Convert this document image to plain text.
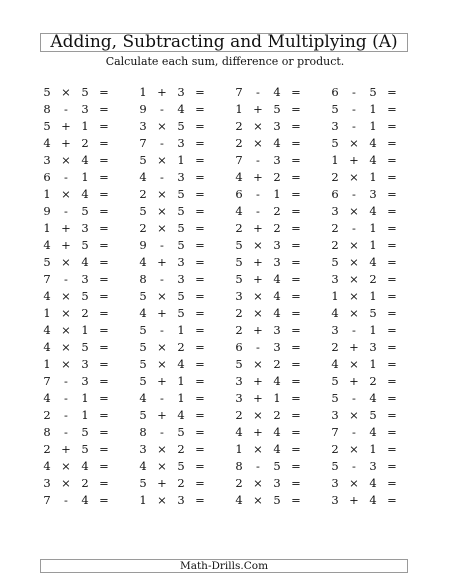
Adding, Subtracting and Multiplying (A)
Calculate each sum, difference or product.
5 × 5 =	1 + 3 =	7	-	4 =	6	-	5 =
8	-	3 =	9	-	4 =	1 + 5 =	5	-	1 =
5 + 1 =	3 × 5 =	2 × 3 =	3	-	1 =
4 + 2 =	7	-	3 =	2 × 4 =	5 × 4 =
3 × 4 =	5 × 1 =	7	-	3 =	1 + 4 =
6	-	1 =	4	-	3 =	4 + 2 =	2 × 1 =
1 × 4 =	2 × 5 =	6	-	1 =	6	-	3 =
9	-	5 =	5 × 5 =	4	-	2 =	3 × 4 =
1 + 3 =	2 × 5 =	2 + 2 =	2	-	1 =
4 + 5 =	9	-	5 =	5 × 3 =	2 × 1 =
5 × 4 =	4 + 3 =	5 + 3 =	5 × 4 =
7	-	3 =	8	-	3 =	5 + 4 =	3 × 2 =
4 × 5 =	5 × 5 =	3 × 4 =	1 × 1 =
1 × 2 =	4 + 5 =	2 × 4 =	4 × 5 =
4 × 1 =	5	-	1 =	2 + 3 =	3	-	1 =
4 × 5 =	5 × 2 =	6	-	3 =	2 + 3 =
1 × 3 =	5 × 4 =	5 × 2 =	4 × 1 =
7	-	3 =	5 + 1 =	3 + 4 =	5 + 2 =
4	-	1 =	4	-	1 =	3 + 1 =	5	-	4 =
2	-	1 =	5 + 4 =	2 × 2 =	3 × 5 =
8	-	5 =	8	-	5 =	4 + 4 =	7	-	4 =
2 + 5 =	3 × 2 =	1 × 4 =	2 × 1 =
4 × 4 =	4 × 5 =	8	-	5 =	5	-	3 =
3 × 2 =	5 + 2 =	2 × 3 =	3 × 4 =
7	-	4 =	1 × 3 =	4 × 5 =	3 + 4 =
Math-Drills.Com
